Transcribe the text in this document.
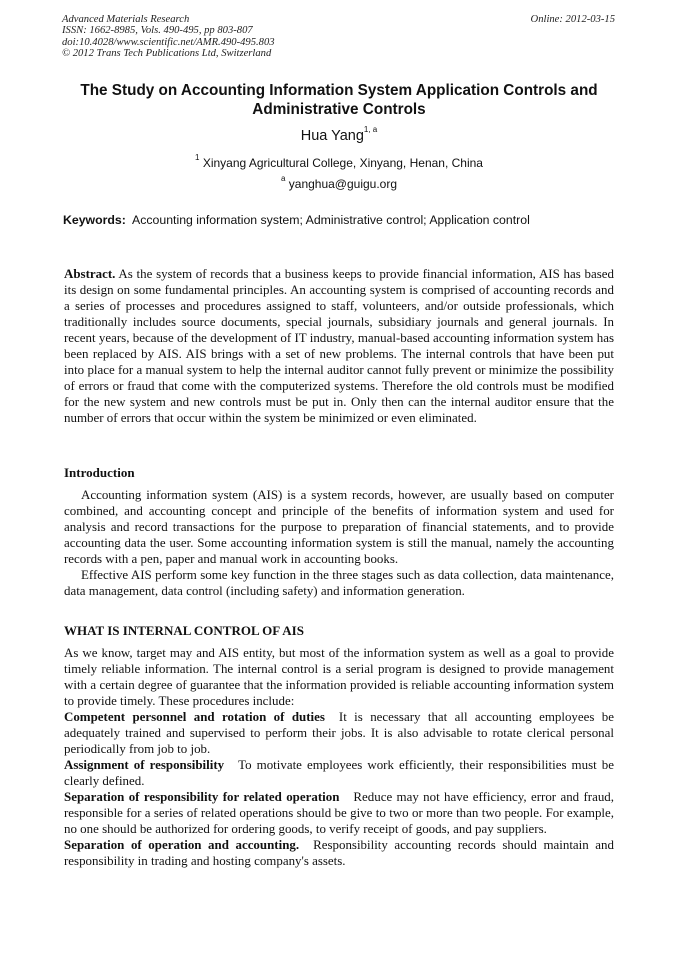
Advanced Materials Research
ISSN: 1662-8985, Vols. 490-495, pp 803-807
doi:10.4028/www.scientific.net/AMR.490-495.803
© 2012 Trans Tech Publications Ltd, Switzerland
Online: 2012-03-15
The Study on Accounting Information System Application Controls and
Administrative Controls
Hua Yang$^{1, a}$
$^1$ Xinyang Agricultural College, Xinyang, Henan, China
$^a$ yanghua@guigu.org
Keywords: Accounting information system; Administrative control; Application control

Abstract. As the system of records that a business keeps to provide financial information, AIS has based its design on some fundamental principles. An accounting system is comprised of accounting records and a series of processes and procedures assigned to staff, volunteers, and/or outside professionals, which traditionally includes source documents, special journals, subsidiary journals and general journals. In recent years, because of the development of IT industry, manual-based accounting information system has been replaced by AIS. AIS brings with a set of new problems. The internal controls that have been put into place for a manual system to help the internal auditor cannot fully prevent or minimize the possibility of errors or fraud that come with the computerized systems. Therefore the old controls must be modified for the new system and new controls must be put in. Only then can the internal auditor ensure that the number of errors that occur within the system be minimized or even eliminated.

Introduction

Accounting information system (AIS) is a system records, however, are usually based on computer combined, and accounting concept and principle of the benefits of information system and used for analysis and record transactions for the purpose to preparation of financial statements, and to provide accounting data the user. Some accounting information system is still the manual, namely the accounting records with a pen, paper and manual work in accounting books.

Effective AIS perform some key function in the three stages such as data collection, data maintenance, data management, data control (including safety) and information generation.

WHAT IS INTERNAL CONTROL OF AIS

As we know, target may and AIS entity, but most of the information system as well as a goal to provide timely reliable information. The internal control is a serial program is designed to provide management with a certain degree of guarantee that the information provided is reliable accounting information system to provide timely. These procedures include:

Competent personnel and rotation of duties It is necessary that all accounting employees be adequately trained and supervised to perform their jobs. It is also advisable to rotate clerical personal periodically from job to job.

Assignment of responsibility To motivate employees work efficiently, their responsibilities must be clearly defined.

Separation of responsibility for related operation Reduce may not have efficiency, error and fraud, responsible for a series of related operations should be give to two or more than two people. For example, no one should be authorized for ordering goods, to verify receipt of goods, and pay suppliers.

Separation of operation and accounting. Responsibility accounting records should maintain and responsibility in trading and hosting company's assets.
